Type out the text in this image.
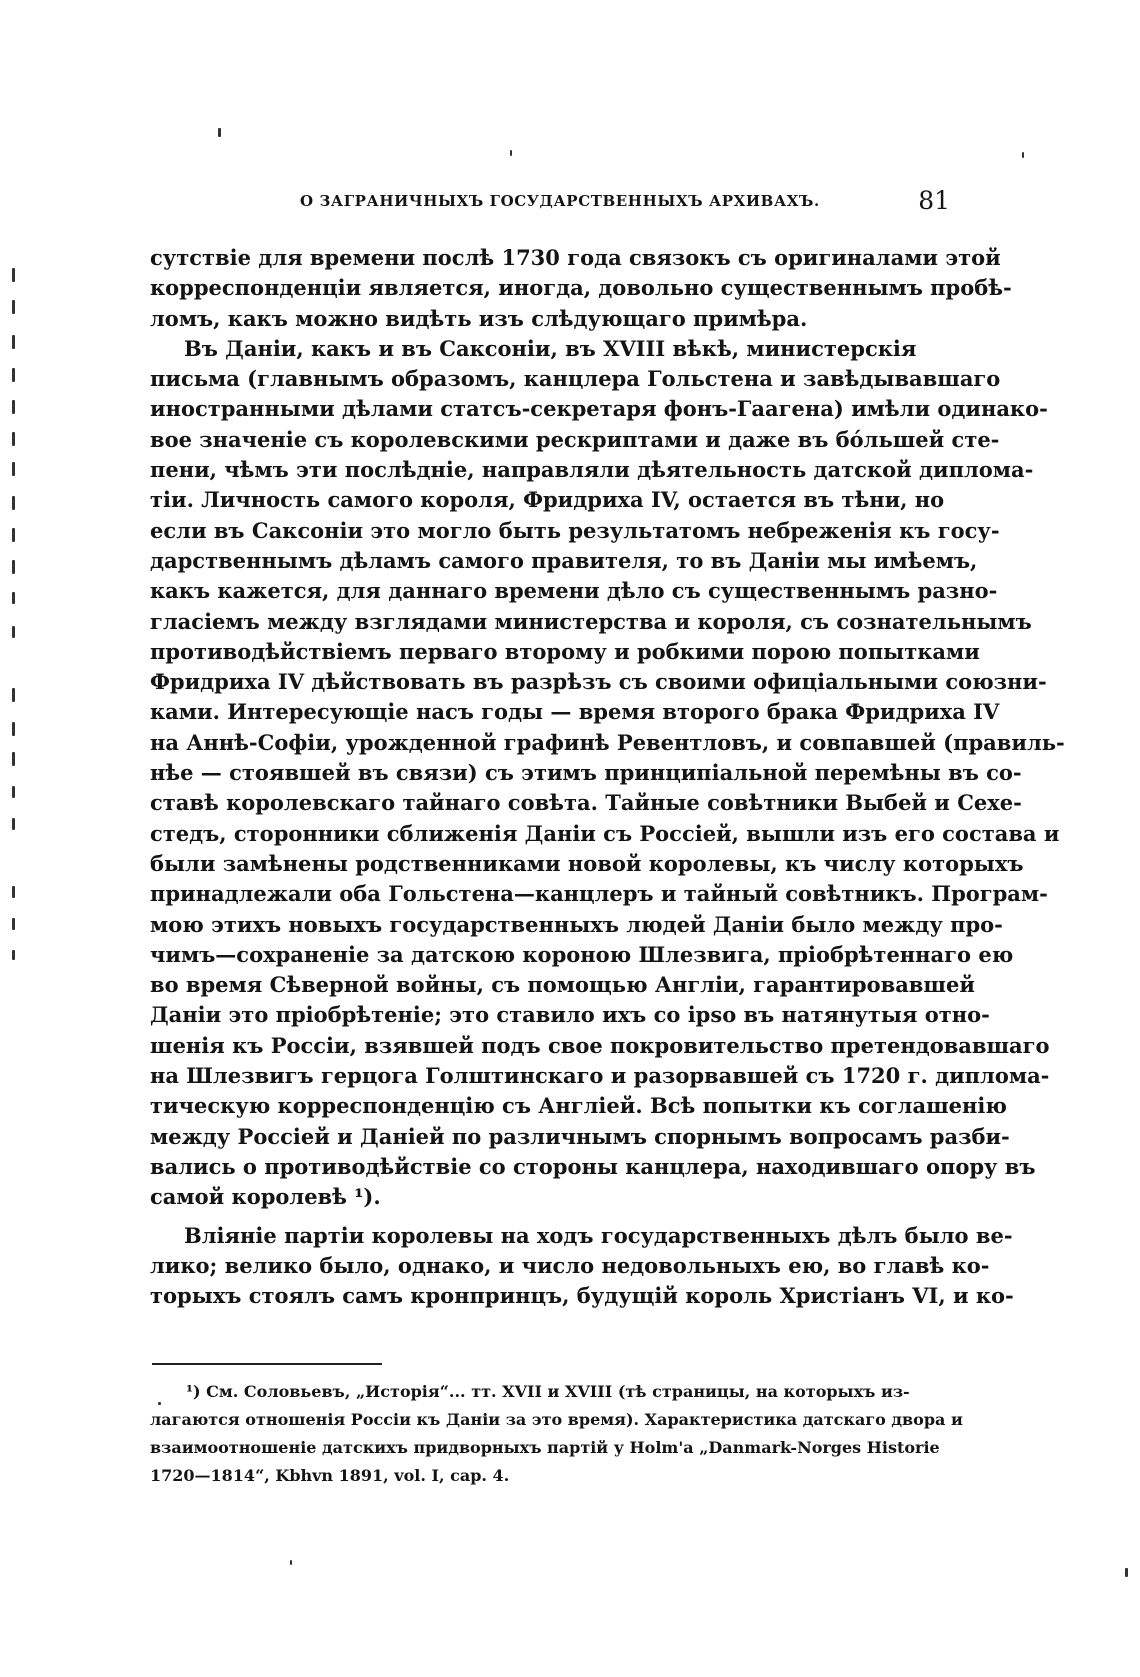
О ЗАГРАНИЧНЫХЪ ГОСУДАРСТВЕННЫХЪ АРХИВАХЪ.	81
сутствіе для времени послѣ 1730 года связокъ съ оригиналами этой
корреспонденціи является, иногда, довольно существеннымъ пробѣ-
ломъ, какъ можно видѣть изъ слѣдующаго примѣра.
Въ Даніи, какъ и въ Саксоніи, въ XVIII вѣкѣ, министерскія
письма (главнымъ образомъ, канцлера Гольстена и завѣдывавшаго
иностранными дѣлами статсъ-секретаря фонъ-Гаагена) имѣли одинако-
вое значеніе съ королевскими рескриптами и даже въ бóльшей сте-
пени, чѣмъ эти послѣдніе, направляли дѣятельность датской диплома-
тіи. Личность самого короля, Фридриха IV, остается въ тѣни, но
если въ Саксоніи это могло быть результатомъ небреженія къ госу-
дарственнымъ дѣламъ самого правителя, то въ Даніи мы имѣемъ,
какъ кажется, для даннаго времени дѣло съ существеннымъ разно-
гласіемъ между взглядами министерства и короля, съ сознательнымъ
противодѣйствіемъ перваго второму и робкими порою попытками
Фридриха IV дѣйствовать въ разрѣзъ съ своими офиціальными союзни-
ками. Интересующіе насъ годы — время второго брака Фридриха IV
на Аннѣ-Софіи, урожденной графинѣ Ревентловъ, и совпавшей (правиль-
нѣе — стоявшей въ связи) съ этимъ принципіальной перемѣны въ со-
ставѣ королевскаго тайнаго совѣта. Тайные совѣтники Выбей и Сехе-
стедъ, сторонники сближенія Даніи съ Россіей, вышли изъ его состава и
были замѣнены родственниками новой королевы, къ числу которыхъ
принадлежали оба Гольстена—канцлеръ и тайный совѣтникъ. Програм-
мою этихъ новыхъ государственныхъ людей Даніи было между про-
чимъ—сохраненіе за датскою короною Шлезвига, пріобрѣтеннаго ею
во время Сѣверной войны, съ помощью Англіи, гарантировавшей
Даніи это пріобрѣтеніе; это ставило ихъ со ipso въ натянутыя отно-
шенія къ Россіи, взявшей подъ свое покровительство претендовавшаго
на Шлезвигъ герцога Голштинскаго и разорвавшей съ 1720 г. диплома-
тическую корреспонденцію съ Англіей. Всѣ попытки къ соглашенію
между Россіей и Даніей по различнымъ спорнымъ вопросамъ разби-
вались о противодѣйствіе со стороны канцлера, находившаго опору въ
самой королевѣ ¹).
Вліяніе партіи королевы на ходъ государственныхъ дѣлъ было ве-
лико; велико было, однако, и число недовольныхъ ею, во главѣ ко-
торыхъ стоялъ самъ кронпринцъ, будущій король Христіанъ VI, и ко-
¹) См. Соловьевъ, „Исторія“... тт. XVII и XVIII (тѣ страницы, на которыхъ из-
лагаются отношенія Россіи къ Даніи за это время). Характеристика датскаго двора и
взаимоотношеніе датскихъ придворныхъ партій у Holm'а „Danmark-Norges Historie
1720—1814“, Kbhvn 1891, vol. I, cap. 4.
